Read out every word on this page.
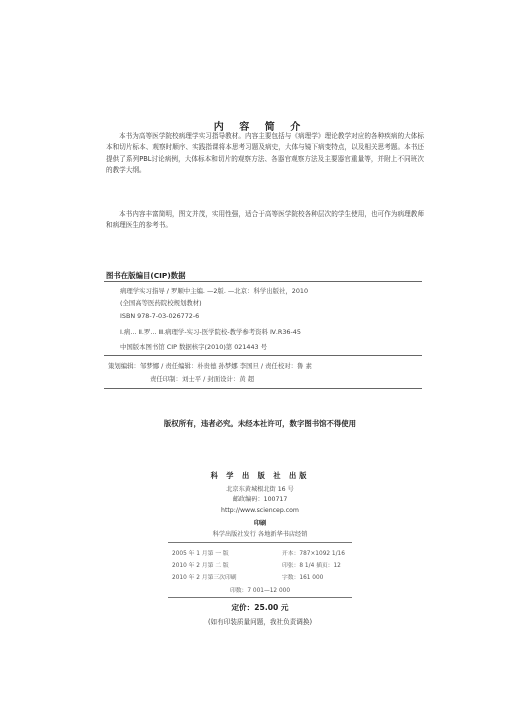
内 容 简 介
本书为高等医学院校病理学实习指导教材。内容主要包括与《病理学》理论教学对应的各种疾病的大体标本和切片标本、观察时顺序、实践指课将本思考习题及病史，大体与镜下病变特点，以及相关思考题。本书还提供了系列PBL讨论病例，大体标本和切片的观察方法、各器官观察方法及主要器官重量等，并附上不同班次的教学大纲。
本书内容丰富简明，图文并茂，实用性强，适合于高等医学院校各种层次的学生使用，也可作为病理教师和病理医生的参考书。
图书在版编目(CIP)数据
病理学实习指导 / 罗顺中主编. —2版. —北京：科学出版社，2010
(全国高等医药院校规划教材)
ISBN 978-7-03-026772-6
Ⅰ.病… Ⅱ.罗… Ⅲ.病理学-实习-医学院校-教学参考资料 Ⅳ.R36-45
中国版本图书馆 CIP 数据核字(2010)第 021443 号
策划编辑：邹梦娜 / 责任编辑：朴贵德 孙梦娜 李国旦 / 责任校对：鲁 素
责任印制：刘士平 / 封面设计：黄 超
版权所有，违者必究。未经本社许可，数字图书馆不得使用
科 学 出 版 社 出版
北京东黄城根北街 16 号
邮政编码：100717
http://www.sciencep.com
印刷
科学出版社发行 各地新华书店经销
2005 年 1 月第 一 版	开本：787×1092 1/16
2010 年 2 月第 二 版	印张：8 1/4 插页：12
2010 年 2 月第三次印刷	字数：161 000
印数：7 001—12 000
定价：25.00 元
(如有印装质量问题，我社负责调换)
